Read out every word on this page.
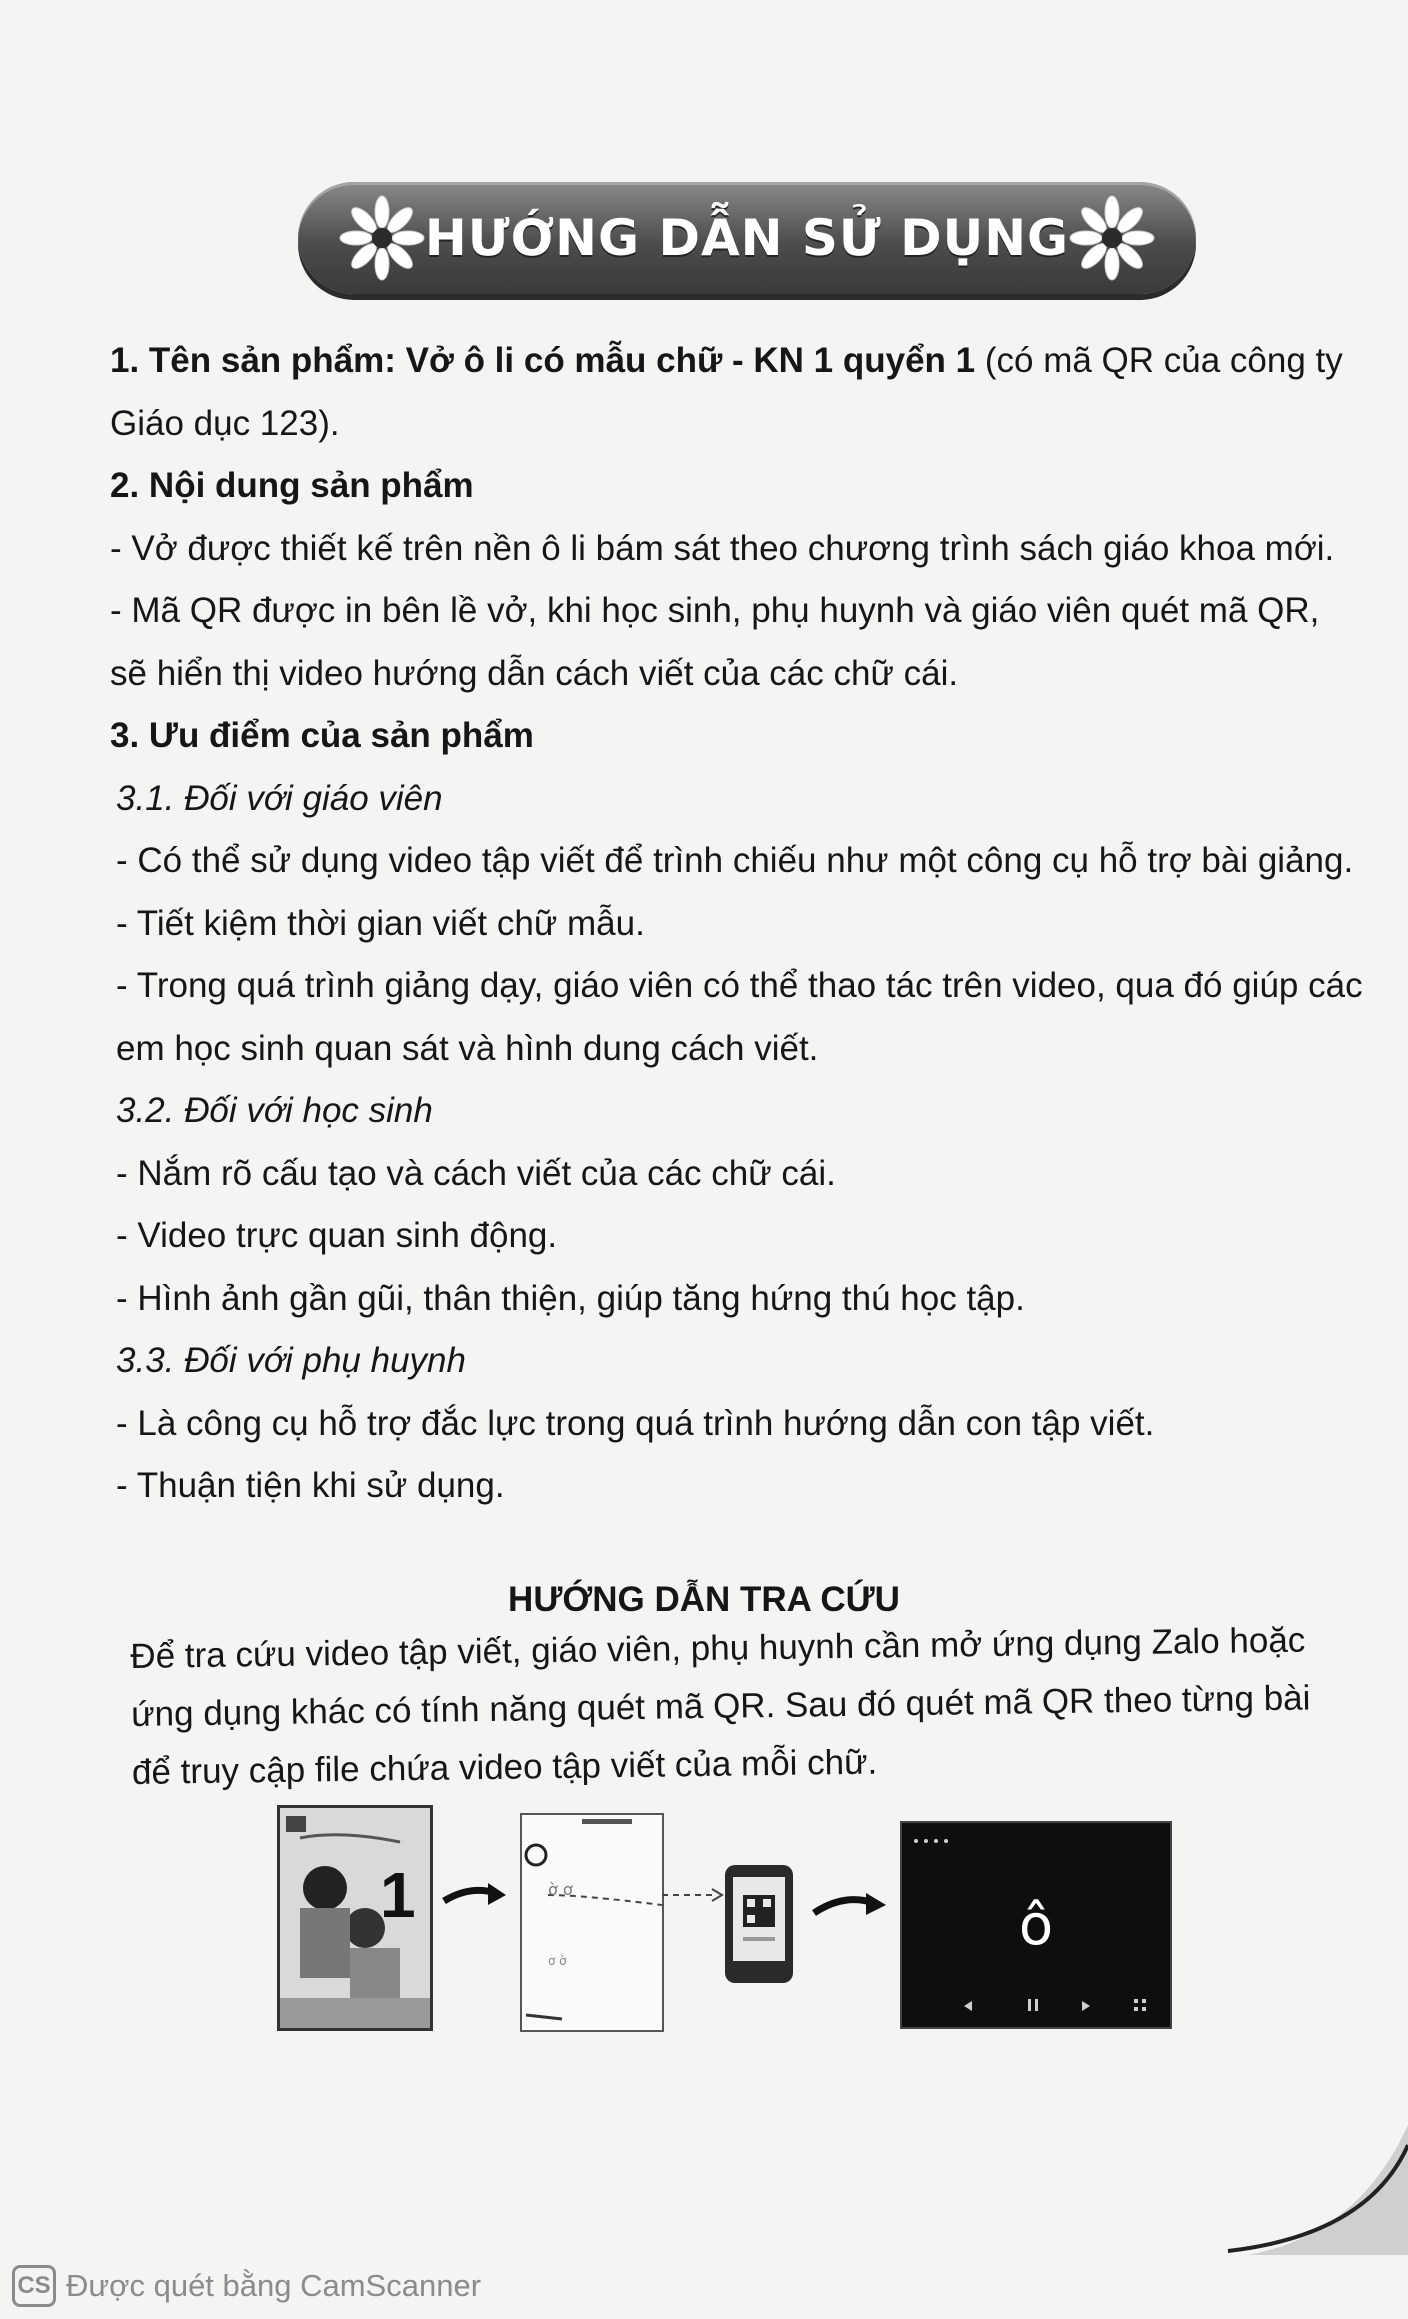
HƯỚNG DẪN SỬ DỤNG
1. Tên sản phẩm: Vở ô li có mẫu chữ - KN 1 quyển 1 (có mã QR của công ty
Giáo dục 123).
2. Nội dung sản phẩm
- Vở được thiết kế trên nền ô li bám sát theo chương trình sách giáo khoa mới.
- Mã QR được in bên lề vở, khi học sinh, phụ huynh và giáo viên quét mã QR,
sẽ hiển thị video hướng dẫn cách viết của các chữ cái.
3. Ưu điểm của sản phẩm
3.1. Đối với giáo viên
- Có thể sử dụng video tập viết để trình chiếu như một công cụ hỗ trợ bài giảng.
- Tiết kiệm thời gian viết chữ mẫu.
- Trong quá trình giảng dạy, giáo viên có thể thao tác trên video, qua đó giúp các
em học sinh quan sát và hình dung cách viết.
3.2. Đối với học sinh
- Nắm rõ cấu tạo và cách viết của các chữ cái.
- Video trực quan sinh động.
- Hình ảnh gần gũi, thân thiện, giúp tăng hứng thú học tập.
3.3. Đối với phụ huynh
- Là công cụ hỗ trợ đắc lực trong quá trình hướng dẫn con tập viết.
- Thuận tiện khi sử dụng.
HƯỚNG DẪN TRA CỨU
Để tra cứu video tập viết, giáo viên, phụ huynh cần mở ứng dụng Zalo hoặc
ứng dụng khác có tính năng quét mã QR. Sau đó quét mã QR theo từng bài
để truy cập file chứa video tập viết của mỗi chữ.
1	ờ ơ
ơ ờ
ô
CS Được quét bằng CamScanner
